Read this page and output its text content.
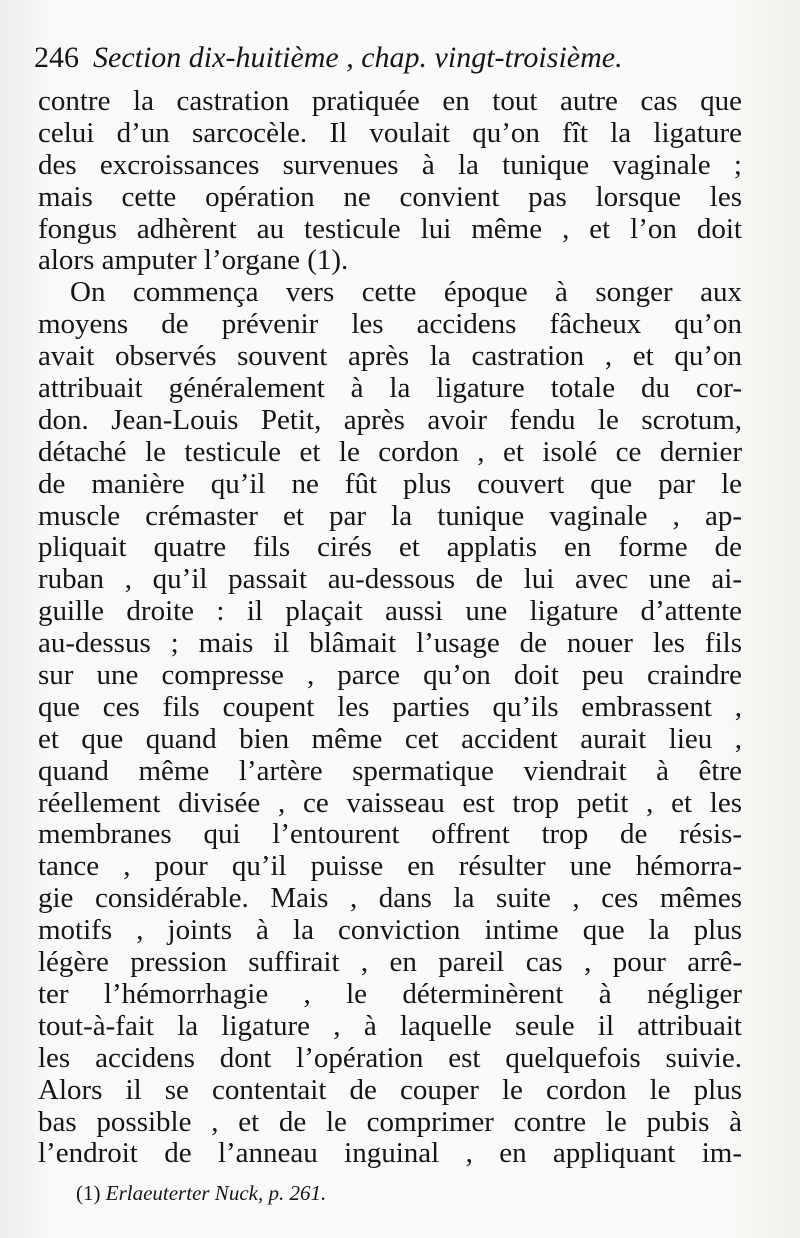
246 Section dix-huitième , chap. vingt-troisième.
contre la castration pratiquée en tout autre cas que
celui d’un sarcocèle. Il voulait qu’on fît la ligature
des excroissances survenues à la tunique vaginale ;
mais cette opération ne convient pas lorsque les
fongus adhèrent au testicule lui même , et l’on doit
alors amputer l’organe (1).
On commença vers cette époque à songer aux
moyens de prévenir les accidens fâcheux qu’on
avait observés souvent après la castration , et qu’on
attribuait généralement à la ligature totale du cor-
don. Jean-Louis Petit, après avoir fendu le scrotum,
détaché le testicule et le cordon , et isolé ce dernier
de manière qu’il ne fût plus couvert que par le
muscle crémaster et par la tunique vaginale , ap-
pliquait quatre fils cirés et applatis en forme de
ruban , qu’il passait au-dessous de lui avec une ai-
guille droite : il plaçait aussi une ligature d’attente
au-dessus ; mais il blâmait l’usage de nouer les fils
sur une compresse , parce qu’on doit peu craindre
que ces fils coupent les parties qu’ils embrassent ,
et que quand bien même cet accident aurait lieu ,
quand même l’artère spermatique viendrait à être
réellement divisée , ce vaisseau est trop petit , et les
membranes qui l’entourent offrent trop de résis-
tance , pour qu’il puisse en résulter une hémorra-
gie considérable. Mais , dans la suite , ces mêmes
motifs , joints à la conviction intime que la plus
légère pression suffirait , en pareil cas , pour arrê-
ter l’hémorrhagie , le déterminèrent à négliger
tout-à-fait la ligature , à laquelle seule il attribuait
les accidens dont l’opération est quelquefois suivie.
Alors il se contentait de couper le cordon le plus
bas possible , et de le comprimer contre le pubis à
l’endroit de l’anneau inguinal , en appliquant im-
(1) Erlaeuterter Nuck, p. 261.
